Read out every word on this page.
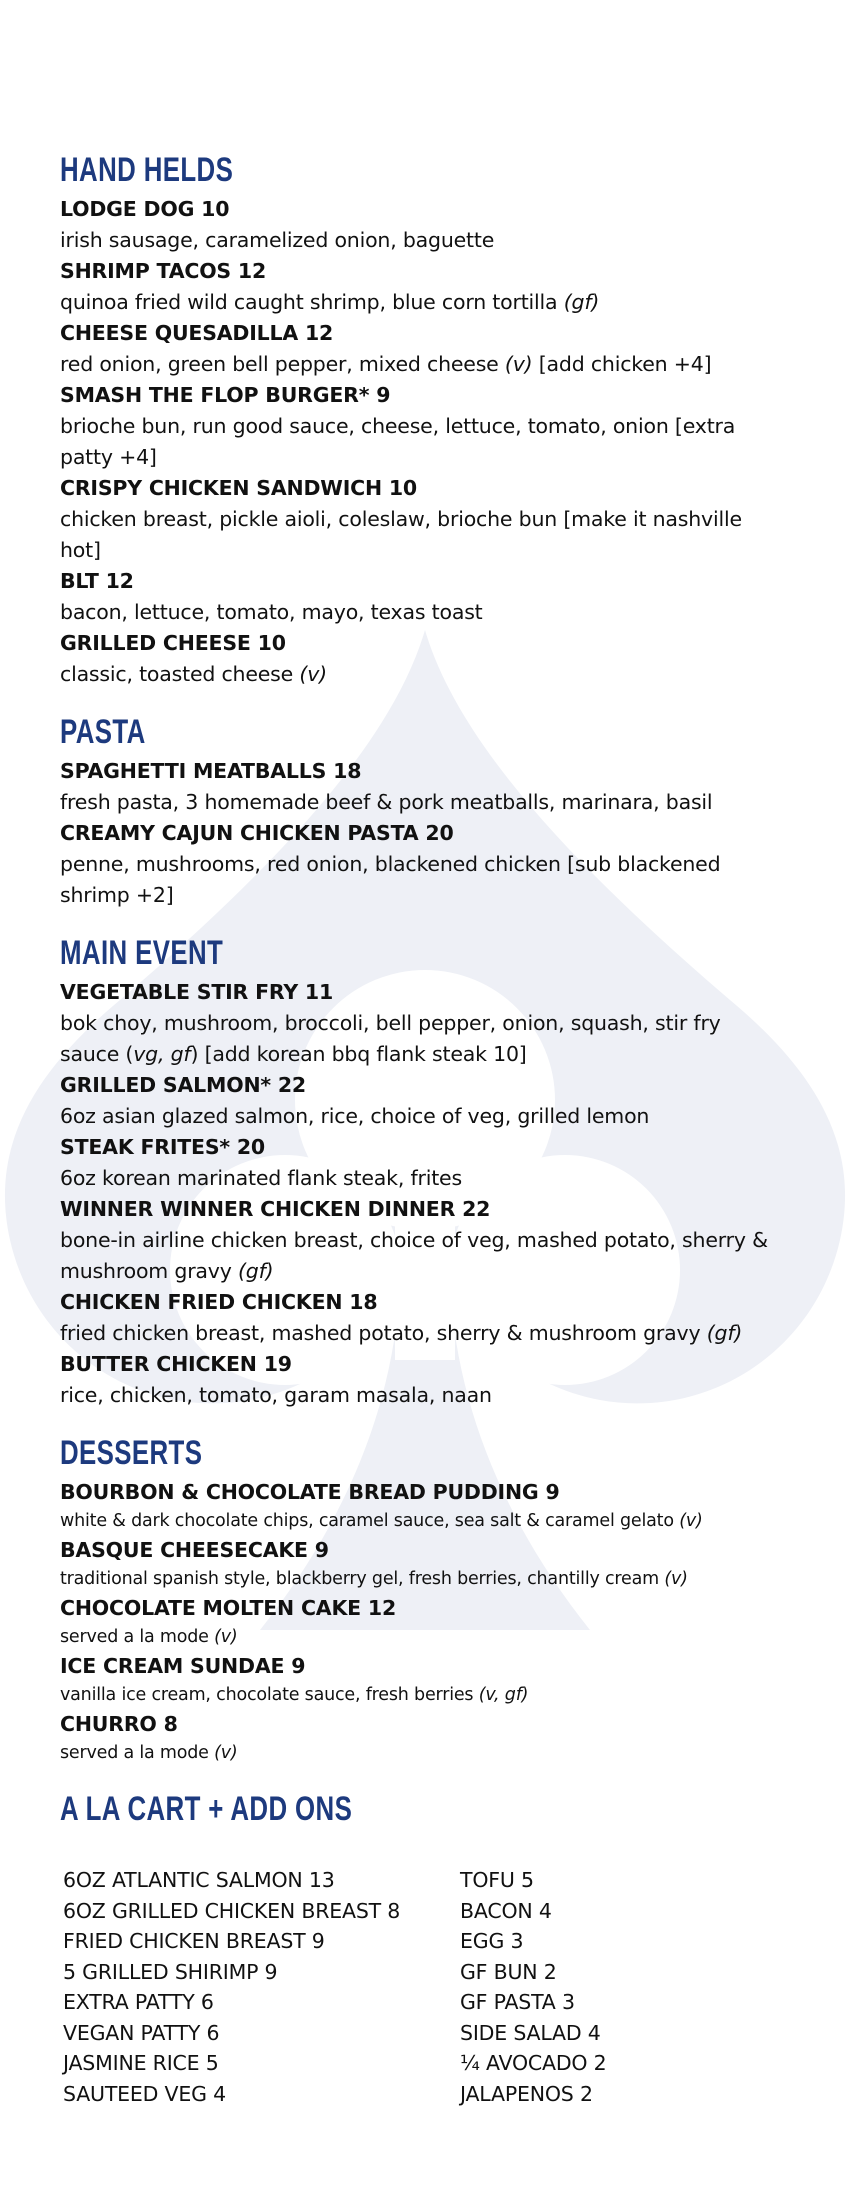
HAND HELDS
LODGE DOG 10
irish sausage, caramelized onion, baguette
SHRIMP TACOS 12
quinoa fried wild caught shrimp, blue corn tortilla (gf)
CHEESE QUESADILLA 12
red onion, green bell pepper, mixed cheese (v) [add chicken +4]
SMASH THE FLOP BURGER* 9
brioche bun, run good sauce, cheese, lettuce, tomato, onion [extra patty +4]
CRISPY CHICKEN SANDWICH 10
chicken breast, pickle aioli, coleslaw, brioche bun [make it nashville hot]
BLT 12
bacon, lettuce, tomato, mayo, texas toast
GRILLED CHEESE 10
classic, toasted cheese (v)
PASTA
SPAGHETTI MEATBALLS 18
fresh pasta, 3 homemade beef & pork meatballs, marinara, basil
CREAMY CAJUN CHICKEN PASTA 20
penne, mushrooms, red onion, blackened chicken [sub blackened shrimp +2]
MAIN EVENT
VEGETABLE STIR FRY 11
bok choy, mushroom, broccoli, bell pepper, onion, squash, stir fry sauce (vg, gf) [add korean bbq flank steak 10]
GRILLED SALMON* 22
6oz asian glazed salmon, rice, choice of veg, grilled lemon
STEAK FRITES* 20
6oz korean marinated flank steak, frites
WINNER WINNER CHICKEN DINNER 22
bone-in airline chicken breast, choice of veg, mashed potato, sherry & mushroom gravy (gf)
CHICKEN FRIED CHICKEN 18
fried chicken breast, mashed potato, sherry & mushroom gravy (gf)
BUTTER CHICKEN 19
rice, chicken, tomato, garam masala, naan
DESSERTS
BOURBON & CHOCOLATE BREAD PUDDING 9
white & dark chocolate chips, caramel sauce, sea salt & caramel gelato (v)
BASQUE CHEESECAKE 9
traditional spanish style, blackberry gel, fresh berries, chantilly cream (v)
CHOCOLATE MOLTEN CAKE 12
served a la mode (v)
ICE CREAM SUNDAE 9
vanilla ice cream, chocolate sauce, fresh berries (v, gf)
CHURRO 8
served a la mode (v)
A LA CART + ADD ONS
6OZ ATLANTIC SALMON 13
6OZ GRILLED CHICKEN BREAST 8
FRIED CHICKEN BREAST 9
5 GRILLED SHIRIMP 9
EXTRA PATTY 6
VEGAN PATTY 6
JASMINE RICE 5
SAUTEED VEG 4
TOFU 5
BACON 4
EGG 3
GF BUN 2
GF PASTA 3
SIDE SALAD 4
¼ AVOCADO 2
JALAPENOS 2
